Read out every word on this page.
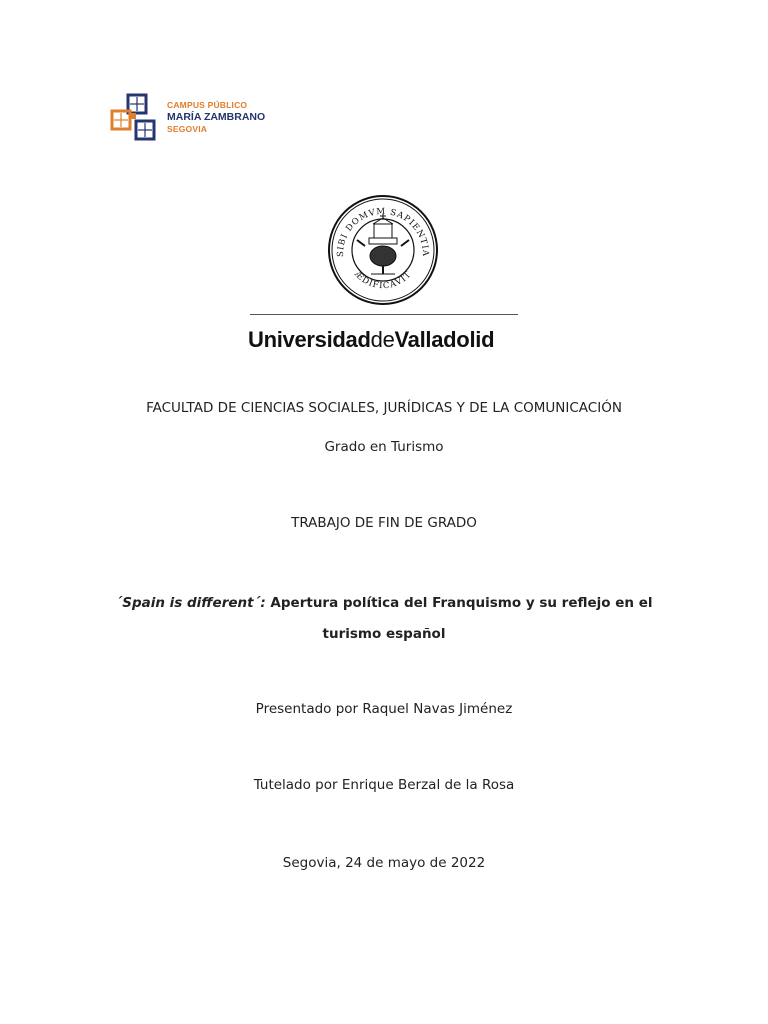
CAMPUS PÚBLICO
MARÍA ZAMBRANO
SEGOVIA
SIBI DOMVM SAPIENTIA
ÆDIFICAVIT
UniversidaddeValladolid
FACULTAD DE CIENCIAS SOCIALES, JURÍDICAS Y DE LA COMUNICACIÓN
Grado en Turismo
TRABAJO DE FIN DE GRADO
´Spain is different´: Apertura política del Franquismo y su reflejo en el turismo español
Presentado por Raquel Navas Jiménez
Tutelado por Enrique Berzal de la Rosa
Segovia, 24 de mayo de 2022
